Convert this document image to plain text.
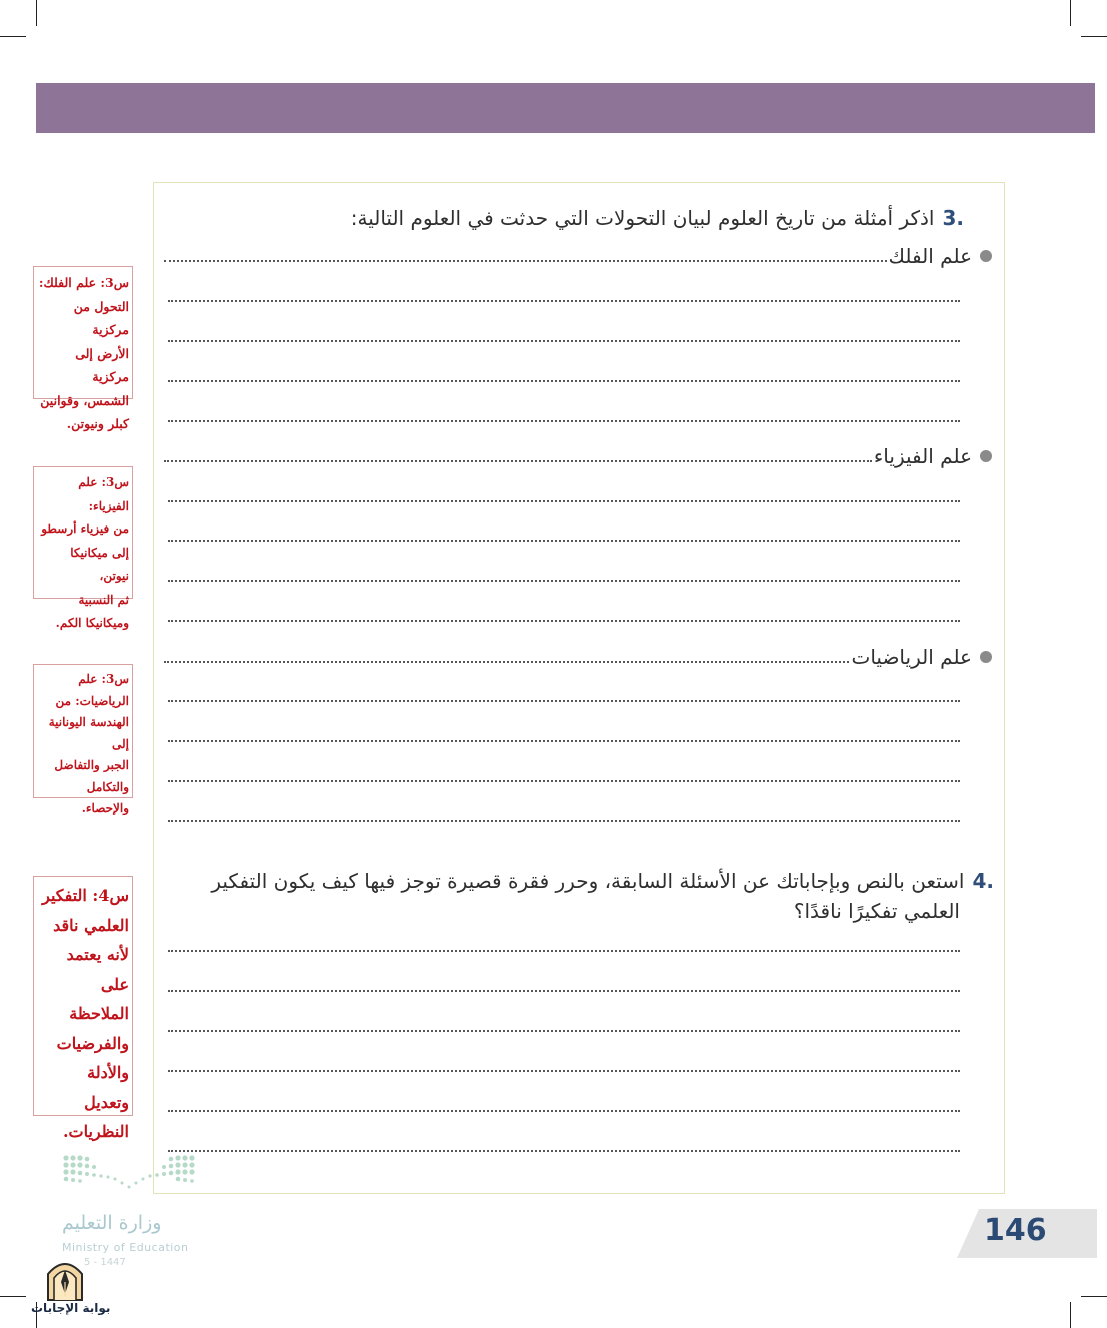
.3اذكر أمثلة من تاريخ العلوم لبيان التحولات التي حدثت في العلوم التالية:
علم الفلك
علم الفيزياء
علم الرياضيات
.4استعن بالنص وبإجاباتك عن الأسئلة السابقة، وحرر فقرة قصيرة توجز فيها كيف يكون التفكير
العلمي تفكيرًا ناقدًا؟
س3: علم الفلك:
التحول من مركزية
الأرض إلى مركزية
الشمس، وقوانين
كبلر ونيوتن.
س3: علم الفيزياء:
من فيزياء أرسطو
إلى ميكانيكا نيوتن،
ثم النسبية
وميكانيكا الكم.
س3: علم
الرياضيات: من
الهندسة اليونانية إلى
الجبر والتفاضل
والتكامل
والإحصاء.
س4: التفكير
العلمي ناقد
لأنه يعتمد
على الملاحظة
والفرضيات
والأدلة
وتعديل
النظريات.
وزارة التعليم
Ministry of Education
5 - 1447
بوابة الإجابات
146
